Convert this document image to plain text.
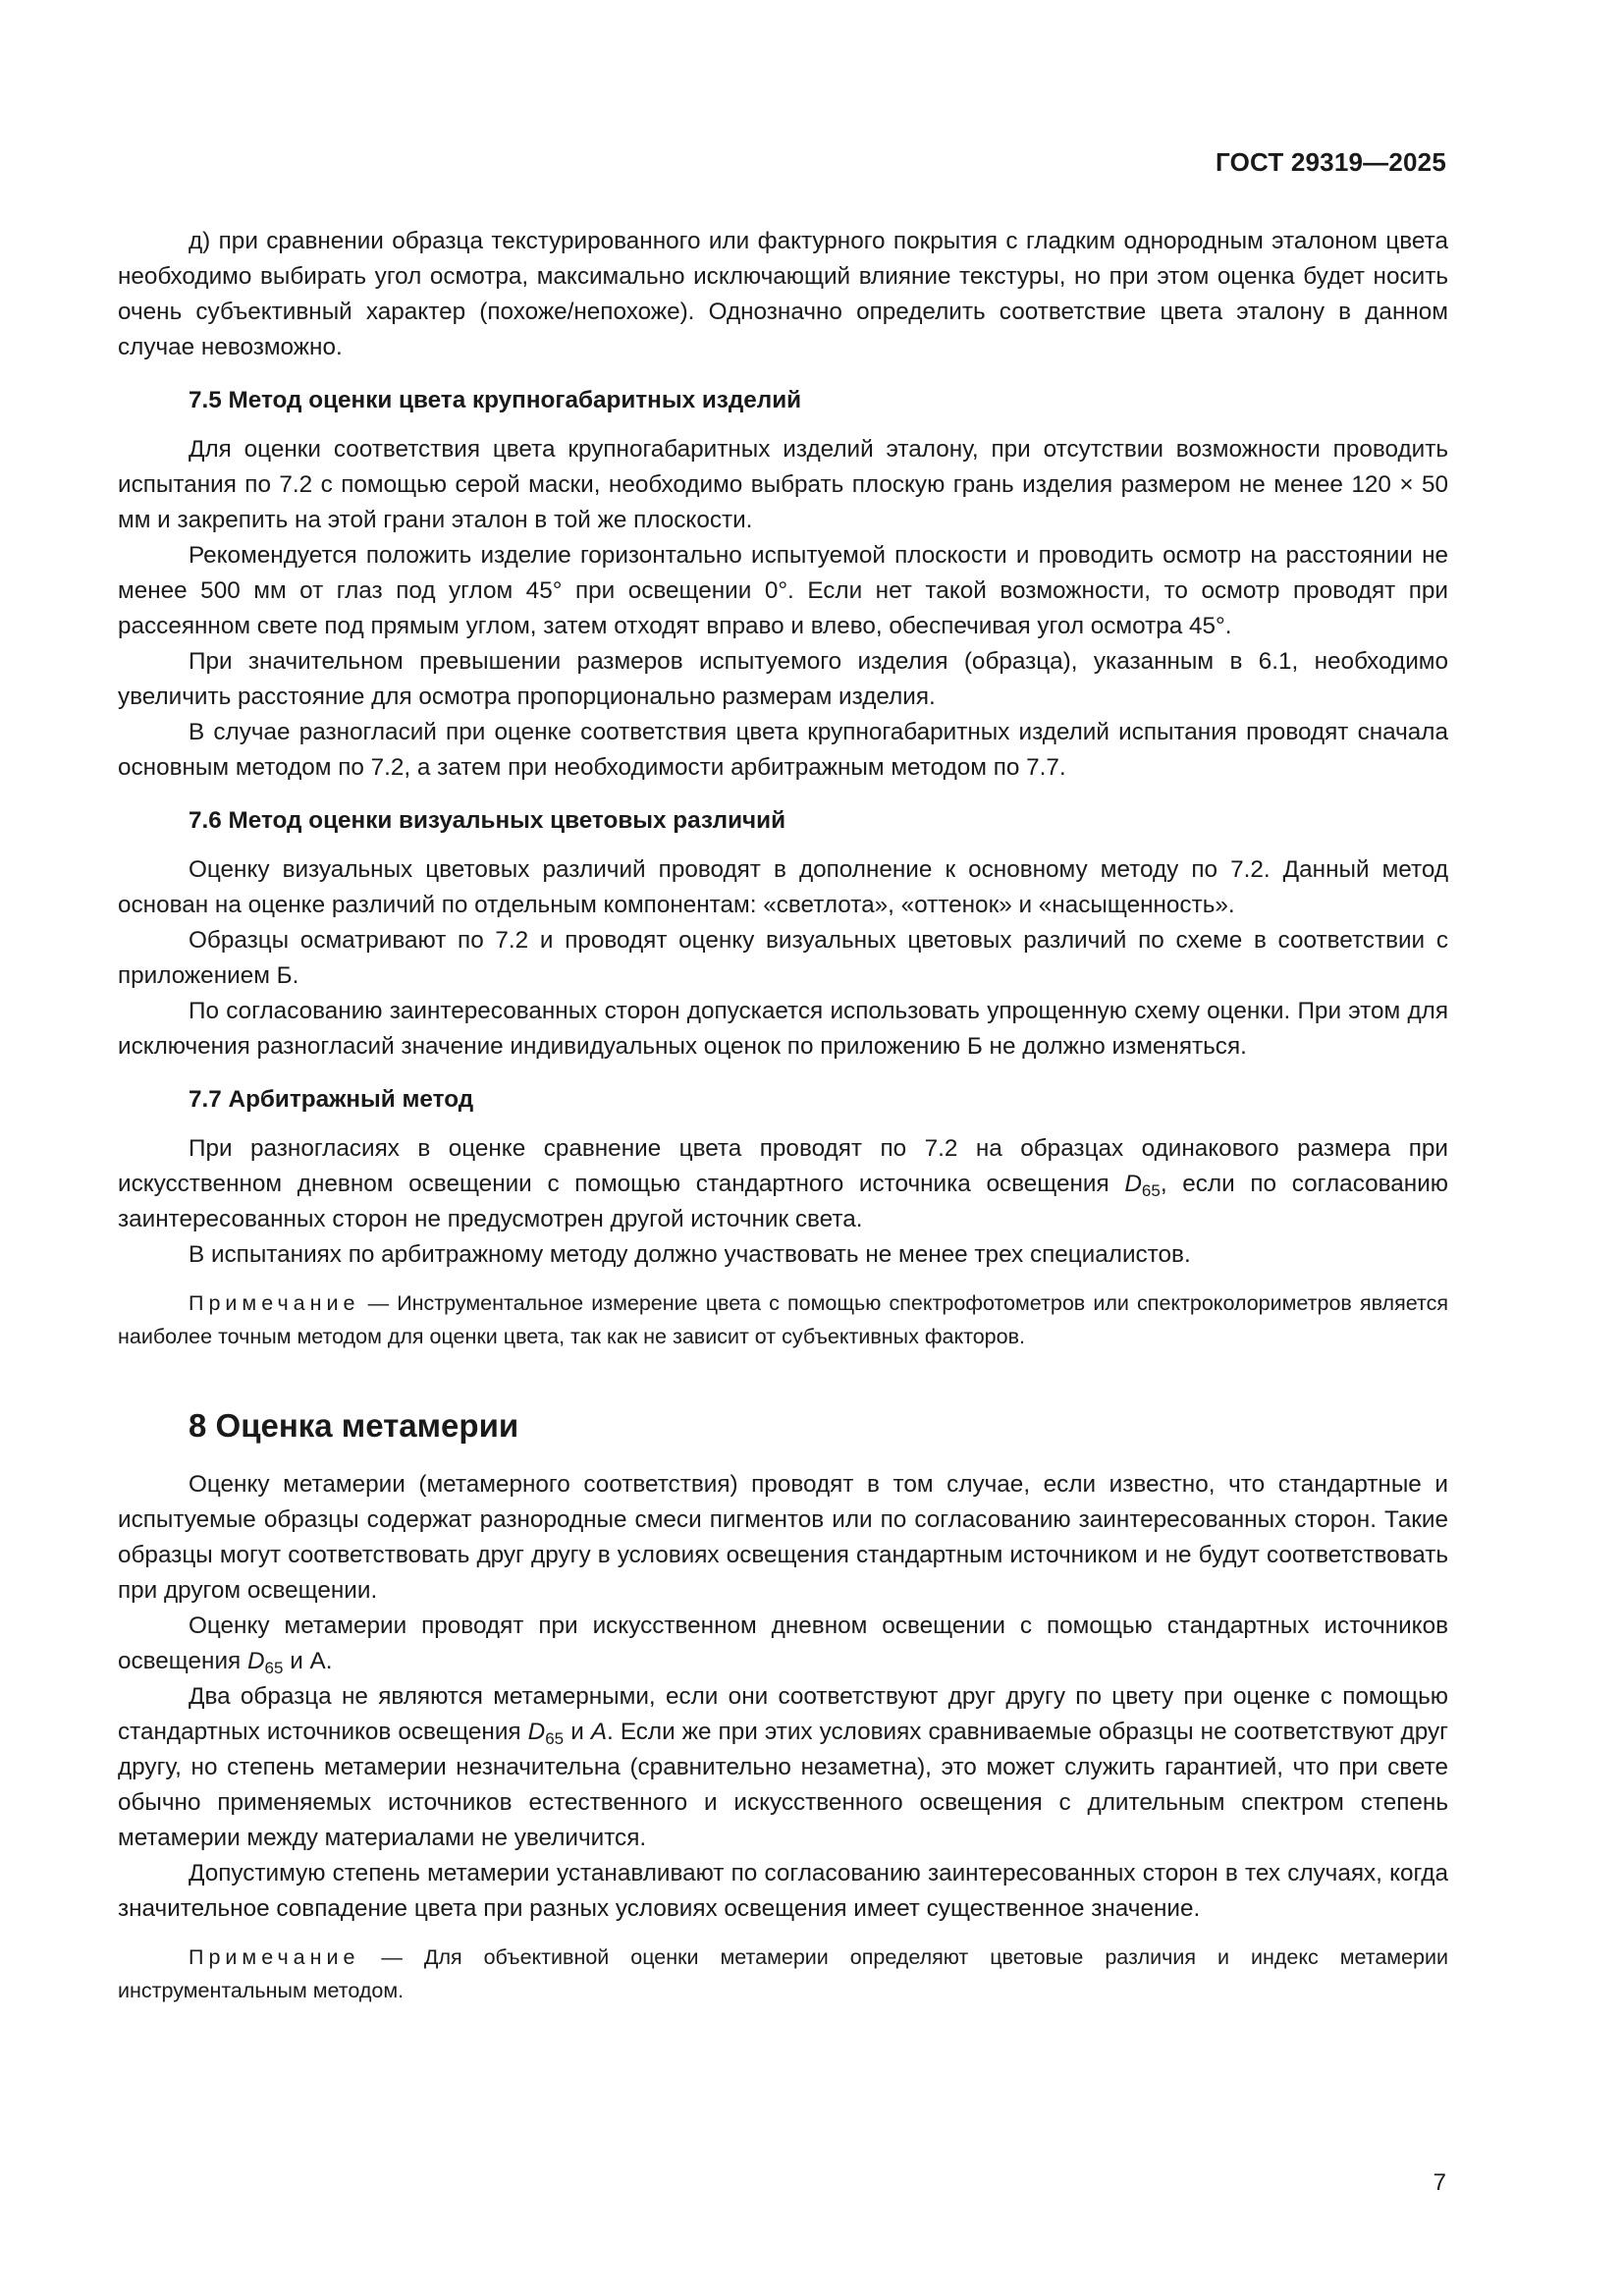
ГОСТ 29319—2025

д) при сравнении образца текстурированного или фактурного покрытия с гладким однородным эталоном цвета необходимо выбирать угол осмотра, максимально исключающий влияние текстуры, но при этом оценка будет носить очень субъективный характер (похоже/непохоже). Однозначно определить соответствие цвета эталону в данном случае невозможно.

7.5 Метод оценки цвета крупногабаритных изделий

Для оценки соответствия цвета крупногабаритных изделий эталону, при отсутствии возможности проводить испытания по 7.2 с помощью серой маски, необходимо выбрать плоскую грань изделия размером не менее 120 × 50 мм и закрепить на этой грани эталон в той же плоскости.

Рекомендуется положить изделие горизонтально испытуемой плоскости и проводить осмотр на расстоянии не менее 500 мм от глаз под углом 45° при освещении 0°. Если нет такой возможности, то осмотр проводят при рассеянном свете под прямым углом, затем отходят вправо и влево, обеспечивая угол осмотра 45°.

При значительном превышении размеров испытуемого изделия (образца), указанным в 6.1, необходимо увеличить расстояние для осмотра пропорционально размерам изделия.

В случае разногласий при оценке соответствия цвета крупногабаритных изделий испытания проводят сначала основным методом по 7.2, а затем при необходимости арбитражным методом по 7.7.

7.6 Метод оценки визуальных цветовых различий

Оценку визуальных цветовых различий проводят в дополнение к основному методу по 7.2. Данный метод основан на оценке различий по отдельным компонентам: «светлота», «оттенок» и «насыщенность».

Образцы осматривают по 7.2 и проводят оценку визуальных цветовых различий по схеме в соответствии с приложением Б.

По согласованию заинтересованных сторон допускается использовать упрощенную схему оценки. При этом для исключения разногласий значение индивидуальных оценок по приложению Б не должно изменяться.

7.7 Арбитражный метод

При разногласиях в оценке сравнение цвета проводят по 7.2 на образцах одинакового размера при искусственном дневном освещении с помощью стандартного источника освещения $D_{65}$, если по согласованию заинтересованных сторон не предусмотрен другой источник света.

В испытаниях по арбитражному методу должно участвовать не менее трех специалистов.

Примечание — Инструментальное измерение цвета с помощью спектрофотометров или спектроколориметров является наиболее точным методом для оценки цвета, так как не зависит от субъективных факторов.

8 Оценка метамерии

Оценку метамерии (метамерного соответствия) проводят в том случае, если известно, что стандартные и испытуемые образцы содержат разнородные смеси пигментов или по согласованию заинтересованных сторон. Такие образцы могут соответствовать друг другу в условиях освещения стандартным источником и не будут соответствовать при другом освещении.

Оценку метамерии проводят при искусственном дневном освещении с помощью стандартных источников освещения $D_{65}$ и А.

Два образца не являются метамерными, если они соответствуют друг другу по цвету при оценке с помощью стандартных источников освещения $D_{65}$ и А. Если же при этих условиях сравниваемые образцы не соответствуют друг другу, но степень метамерии незначительна (сравнительно незаметна), это может служить гарантией, что при свете обычно применяемых источников естественного и искусственного освещения с длительным спектром степень метамерии между материалами не увеличится.

Допустимую степень метамерии устанавливают по согласованию заинтересованных сторон в тех случаях, когда значительное совпадение цвета при разных условиях освещения имеет существенное значение.

Примечание — Для объективной оценки метамерии определяют цветовые различия и индекс метамерии инструментальным методом.

7
